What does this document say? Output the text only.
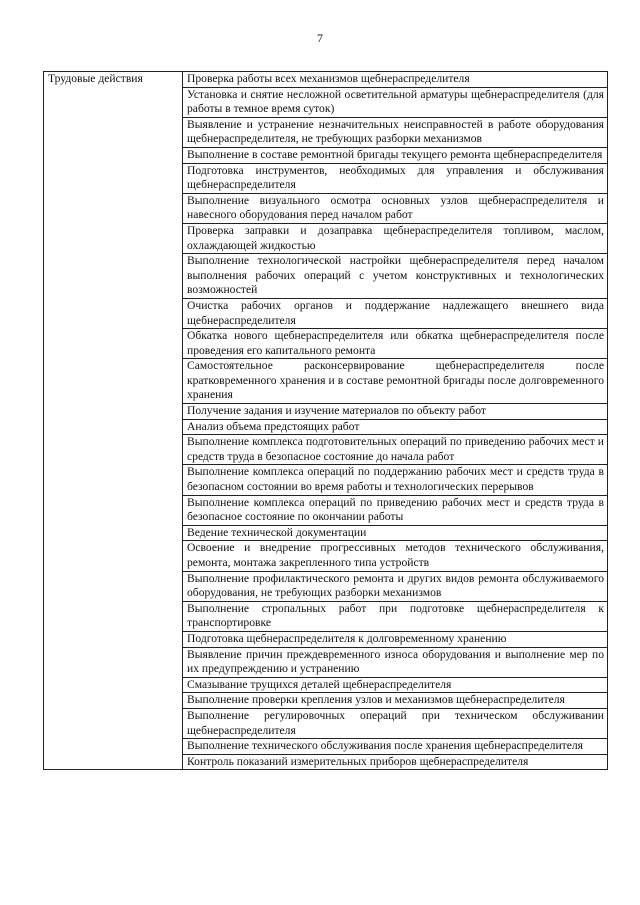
7
Трудовые действия	Проверка работы всех механизмов щебнераспределителя
Установка и снятие несложной осветительной арматуры щебнераспределителя (для работы в темное время суток)
Выявление и устранение незначительных неисправностей в работе оборудования щебнераспределителя, не требующих разборки механизмов
Выполнение в составе ремонтной бригады текущего ремонта щебнераспределителя
Подготовка инструментов, необходимых для управления и обслуживания щебнераспределителя
Выполнение визуального осмотра основных узлов щебнераспределителя и навесного оборудования перед началом работ
Проверка заправки и дозаправка щебнераспределителя топливом, маслом, охлаждающей жидкостью
Выполнение технологической настройки щебнераспределителя перед началом выполнения рабочих операций с учетом конструктивных и технологических возможностей
Очистка рабочих органов и поддержание надлежащего внешнего вида щебнераспределителя
Обкатка нового щебнераспределителя или обкатка щебнераспределителя после проведения его капитального ремонта
Самостоятельное расконсервирование щебнераспределителя после кратковременного хранения и в составе ремонтной бригады после долговременного хранения
Получение задания и изучение материалов по объекту работ
Анализ объема предстоящих работ
Выполнение комплекса подготовительных операций по приведению рабочих мест и средств труда в безопасное состояние до начала работ
Выполнение комплекса операций по поддержанию рабочих мест и средств труда в безопасном состоянии во время работы и технологических перерывов
Выполнение комплекса операций по приведению рабочих мест и средств труда в безопасное состояние по окончании работы
Ведение технической документации
Освоение и внедрение прогрессивных методов технического обслуживания, ремонта, монтажа закрепленного типа устройств
Выполнение профилактического ремонта и других видов ремонта обслуживаемого оборудования, не требующих разборки механизмов
Выполнение стропальных работ при подготовке щебнераспределителя к транспортировке
Подготовка щебнераспределителя к долговременному хранению
Выявление причин преждевременного износа оборудования и выполнение мер по их предупреждению и устранению
Смазывание трущихся деталей щебнераспределителя
Выполнение проверки крепления узлов и механизмов щебнераспределителя
Выполнение регулировочных операций при техническом обслуживании щебнераспределителя
Выполнение технического обслуживания после хранения щебнераспределителя
Контроль показаний измерительных приборов щебнераспределителя
